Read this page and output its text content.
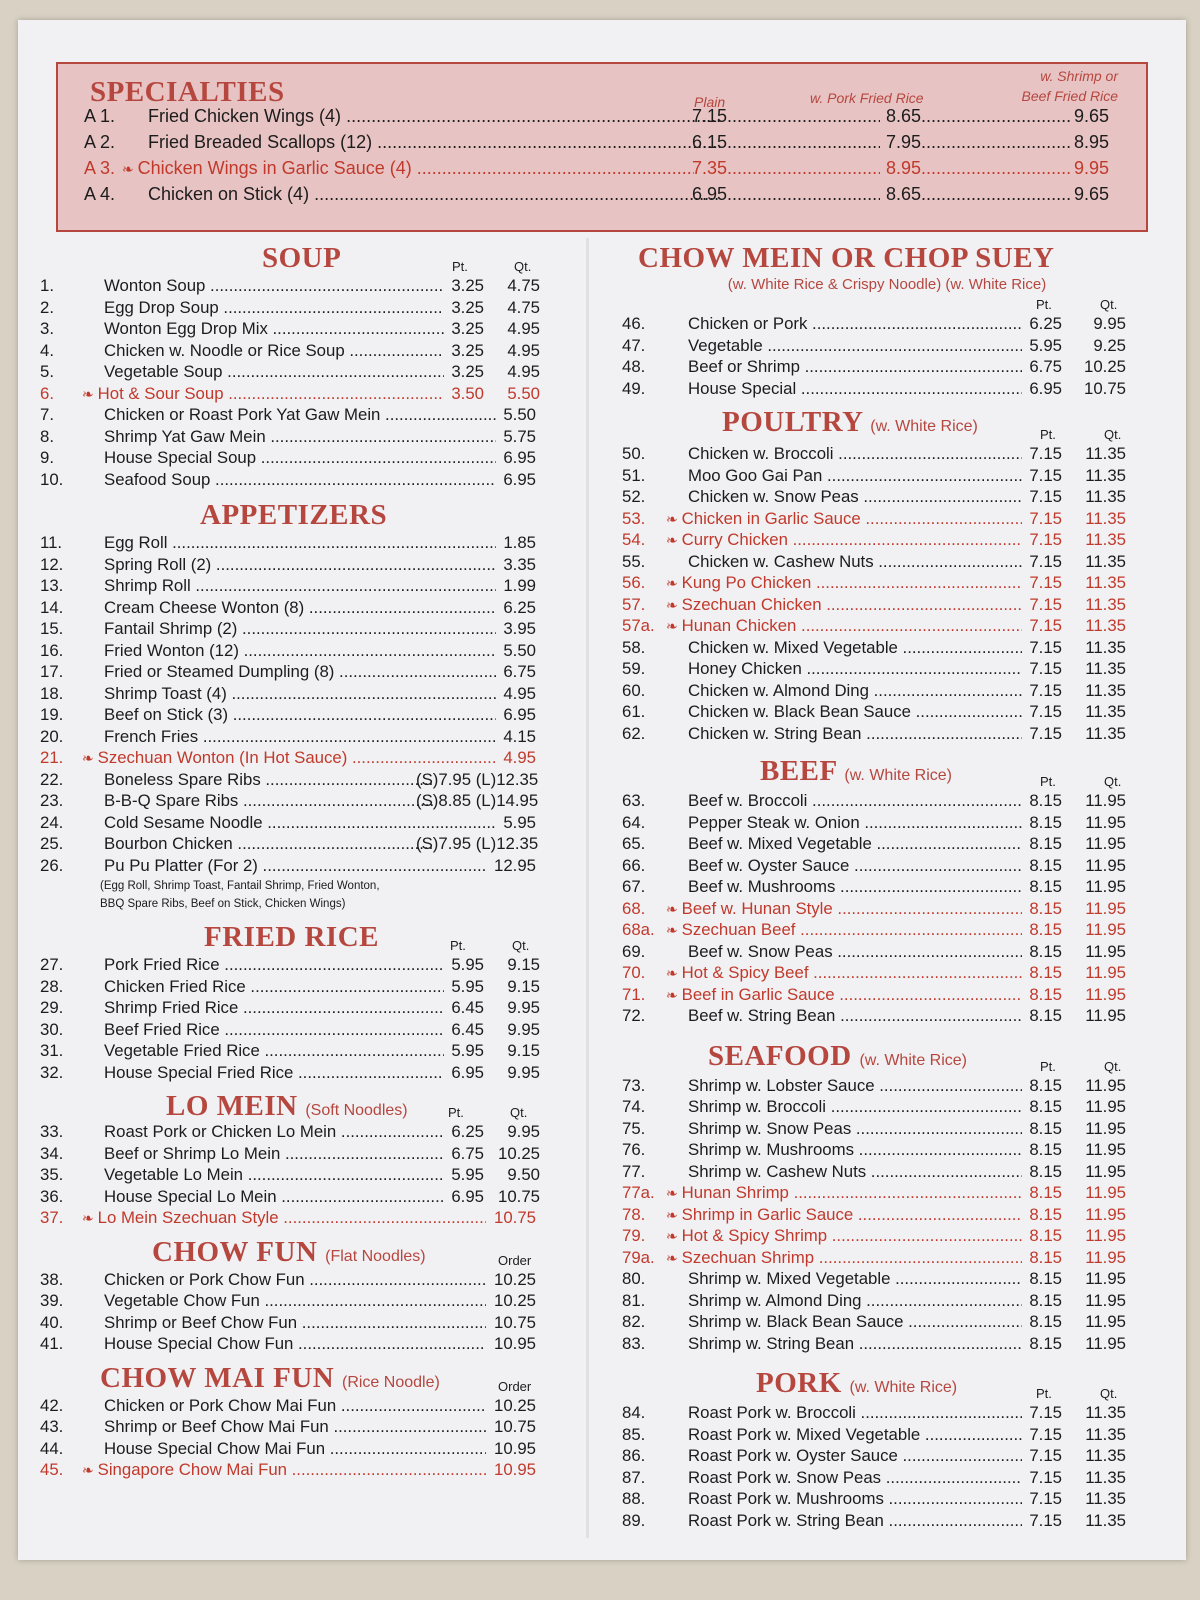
SPECIALTIES	Plain	w. Pork Fried Rice
w. Shrimp or
Beef Fried Rice
A 1. Fried Chicken Wings (4) .....	7.15 .....	8.65 .....	9.65
A 2. Fried Breaded Scallops (12) .....	6.15 .....	7.95 .....	8.95
A 3. ❧ Chicken Wings in Garlic Sauce (4) .....	7.35 .....	8.95 .....	9.95
A 4. Chicken on Stick (4) .....	6.95 .....	8.65 .....	9.65
SOUP	Pt.	Qt.
1.	Wonton Soup .....	3.25	4.75
2.	Egg Drop Soup .....	3.25	4.75
3.	Wonton Egg Drop Mix .....	3.25	4.95
4.	Chicken w. Noodle or Rice Soup .....	3.25	4.95
5.	Vegetable Soup .....	3.25	4.95
6. ❧ Hot & Sour Soup .....	3.50	5.50
7.	Chicken or Roast Pork Yat Gaw Mein .....	5.50
8.	Shrimp Yat Gaw Mein .....	5.75
9.	House Special Soup .....	6.95
10. Seafood Soup .....	6.95
APPETIZERS
11. Egg Roll .....	1.85
12. Spring Roll (2) .....	3.35
13. Shrimp Roll .....	1.99
14. Cream Cheese Wonton (8) .....	6.25
15. Fantail Shrimp (2) .....	3.95
16. Fried Wonton (12) .....	5.50
17. Fried or Steamed Dumpling (8) .....	6.75
18. Shrimp Toast (4) .....	4.95
19. Beef on Stick (3) .....	6.95
20. French Fries .....	4.15
21. ❧ Szechuan Wonton (In Hot Sauce) .....	4.95
22. Boneless Spare Ribs .....	(S)7.95 (L)12.35
23. B-B-Q Spare Ribs .....	(S)8.85 (L)14.95
24. Cold Sesame Noodle .....	5.95
25. Bourbon Chicken .....	(S)7.95 (L)12.35
26. Pu Pu Platter (For 2) .....	12.95
(Egg Roll, Shrimp Toast, Fantail Shrimp, Fried Wonton,
BBQ Spare Ribs, Beef on Stick, Chicken Wings)
FRIED RICE	Pt.	Qt.
27. Pork Fried Rice .....	5.95	9.15
28. Chicken Fried Rice .....	5.95	9.15
29. Shrimp Fried Rice .....	6.45	9.95
30. Beef Fried Rice .....	6.45	9.95
31. Vegetable Fried Rice .....	5.95	9.15
32. House Special Fried Rice .....	6.95	9.95
LO MEIN (Soft Noodles)	Pt.	Qt.
33. Roast Pork or Chicken Lo Mein .....	6.25	9.95
34. Beef or Shrimp Lo Mein .....	6.75 10.25
35. Vegetable Lo Mein .....	5.95	9.50
36. House Special Lo Mein .....	6.95 10.75
37. ❧ Lo Mein Szechuan Style .....	10.75
CHOW FUN (Flat Noodles)	Order
38. Chicken or Pork Chow Fun .....	10.25
39. Vegetable Chow Fun .....	10.25
40. Shrimp or Beef Chow Fun .....	10.75
41. House Special Chow Fun .....	10.95
CHOW MAI FUN (Rice Noodle)	Order
42. Chicken or Pork Chow Mai Fun .....	10.25
43. Shrimp or Beef Chow Mai Fun .....	10.75
44. House Special Chow Mai Fun .....	10.95
45. ❧ Singapore Chow Mai Fun .....	10.95
CHOW MEIN OR CHOP SUEY
(w. White Rice & Crispy Noodle) (w. White Rice)
Pt.	Qt.
46.	Chicken or Pork .....	6.25	9.95
47.	Vegetable .....	5.95	9.25
48.	Beef or Shrimp .....	6.75	10.25
49.	House Special .....	6.95	10.75
POULTRY (w. White Rice)	Pt.	Qt.
50.	Chicken w. Broccoli .....	7.15	11.35
51.	Moo Goo Gai Pan .....	7.15	11.35
52.	Chicken w. Snow Peas .....	7.15	11.35
53. ❧ Chicken in Garlic Sauce .....	7.15	11.35
54. ❧ Curry Chicken .....	7.15	11.35
55.	Chicken w. Cashew Nuts .....	7.15	11.35
56. ❧ Kung Po Chicken .....	7.15	11.35
57. ❧ Szechuan Chicken .....	7.15	11.35
57a. ❧ Hunan Chicken .....	7.15	11.35
58.	Chicken w. Mixed Vegetable .....	7.15	11.35
59.	Honey Chicken .....	7.15	11.35
60.	Chicken w. Almond Ding .....	7.15	11.35
61.	Chicken w. Black Bean Sauce .....	7.15	11.35
62.	Chicken w. String Bean .....	7.15	11.35
BEEF (w. White Rice)	Pt.	Qt.
63.	Beef w. Broccoli .....	8.15	11.95
64.	Pepper Steak w. Onion .....	8.15	11.95
65.	Beef w. Mixed Vegetable .....	8.15	11.95
66.	Beef w. Oyster Sauce .....	8.15	11.95
67.	Beef w. Mushrooms .....	8.15	11.95
68. ❧ Beef w. Hunan Style .....	8.15	11.95
68a. ❧ Szechuan Beef .....	8.15	11.95
69.	Beef w. Snow Peas .....	8.15	11.95
70. ❧ Hot & Spicy Beef .....	8.15	11.95
71. ❧ Beef in Garlic Sauce .....	8.15	11.95
72.	Beef w. String Bean .....	8.15	11.95
SEAFOOD (w. White Rice)	Pt.	Qt.
73.	Shrimp w. Lobster Sauce .....	8.15	11.95
74.	Shrimp w. Broccoli .....	8.15	11.95
75.	Shrimp w. Snow Peas .....	8.15	11.95
76.	Shrimp w. Mushrooms .....	8.15	11.95
77.	Shrimp w. Cashew Nuts .....	8.15	11.95
77a. ❧ Hunan Shrimp .....	8.15	11.95
78. ❧ Shrimp in Garlic Sauce .....	8.15	11.95
79. ❧ Hot & Spicy Shrimp .....	8.15	11.95
79a. ❧ Szechuan Shrimp .....	8.15	11.95
80.	Shrimp w. Mixed Vegetable .....	8.15	11.95
81.	Shrimp w. Almond Ding .....	8.15	11.95
82.	Shrimp w. Black Bean Sauce .....	8.15	11.95
83.	Shrimp w. String Bean .....	8.15	11.95
PORK (w. White Rice)	Pt.	Qt.
84.	Roast Pork w. Broccoli .....	7.15	11.35
85.	Roast Pork w. Mixed Vegetable .....	7.15	11.35
86.	Roast Pork w. Oyster Sauce .....	7.15	11.35
87.	Roast Pork w. Snow Peas .....	7.15	11.35
88.	Roast Pork w. Mushrooms .....	7.15	11.35
89.	Roast Pork w. String Bean .....	7.15	11.35
